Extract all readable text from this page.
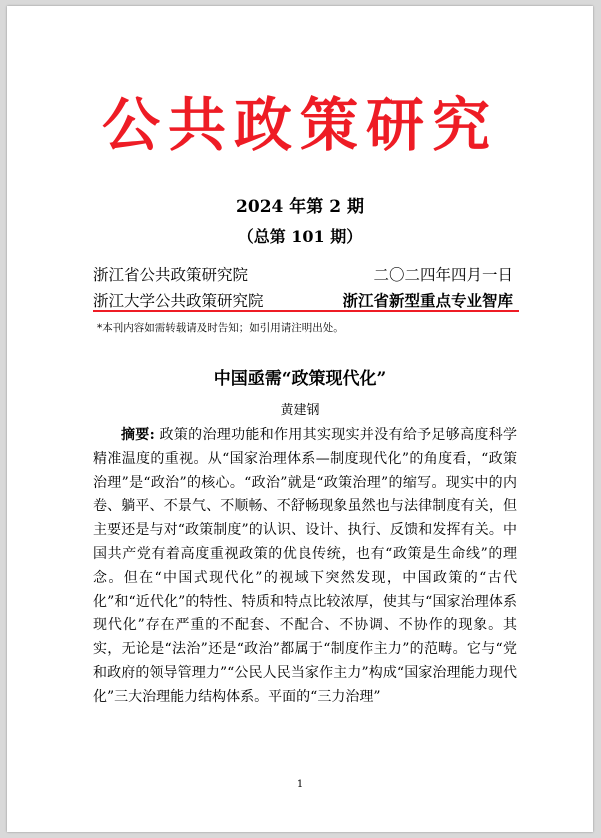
公共政策研究
2024 年第 2 期
（总第 101 期）
浙江省公共政策研究院	二〇二四年四月一日
浙江大学公共政策研究院	浙江省新型重点专业智库
*本刊内容如需转载请及时告知；如引用请注明出处。
中国亟需“政策现代化”
黄建钢
摘要: 政策的治理功能和作用其实现实并没有给予足够高度科学精准温度的重视。从“国家治理体系—制度现代化”的角度看，“政策治理”是“政治”的核心。“政治”就是“政策治理”的缩写。现实中的内卷、躺平、不景气、不顺畅、不舒畅现象虽然也与法律制度有关，但主要还是与对“政策制度”的认识、设计、执行、反馈和发挥有关。中国共产党有着高度重视政策的优良传统，也有“政策是生命线”的理念。但在“中国式现代化”的视域下突然发现，中国政策的“古代化”和“近代化”的特性、特质和特点比较浓厚，使其与“国家治理体系现代化”存在严重的不配套、不配合、不协调、不协作的现象。其实，无论是“法治”还是“政治”都属于“制度作主力”的范畴。它与“党和政府的领导管理力”“公民人民当家作主力”构成“国家治理能力现代化”三大治理能力结构体系。平面的“三力治理”
1
